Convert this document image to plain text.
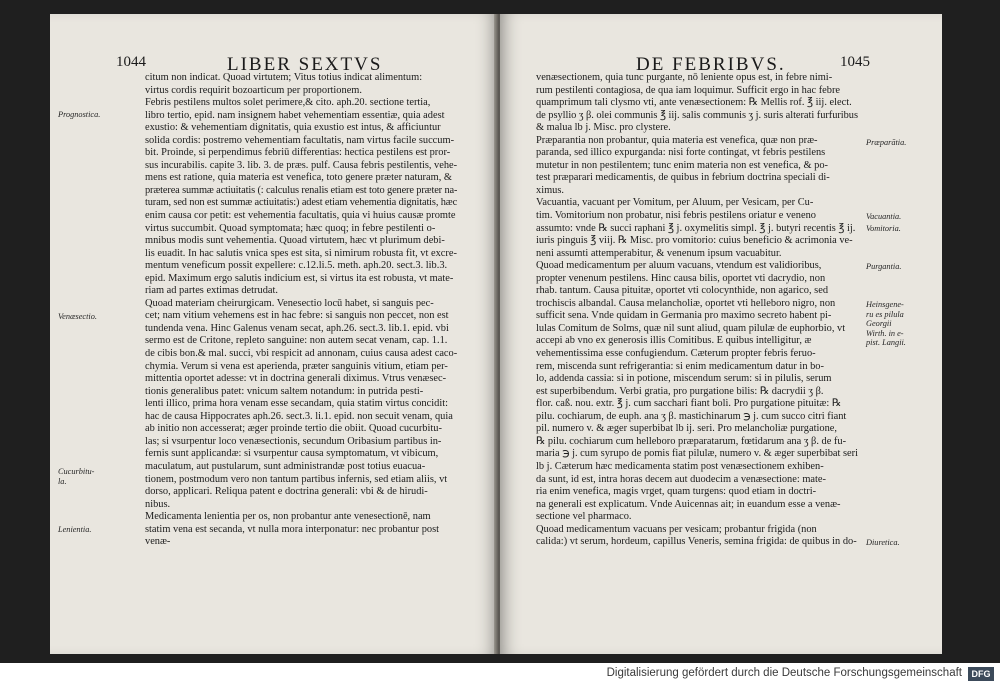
1044	LIBER SEXTVS

citum non indicat. Quoad virtutem; Vitus totius indicat alimentum:

virtus cordis requirit bozoarticum per proportionem.

Febris pestilens multos solet perimere,& cito. aph.20. sectione tertia,

libro tertio, epid. nam insignem habet vehementiam essentiæ, quia adest

exustio: & vehementiam dignitatis, quia exustio est intus, & afficiuntur

solida cordis: postremo vehementiam facultatis, nam virtus facile succum-

bit. Proinde, si perpendimus febriū differentias: hectica pestilens est pror-

sus incurabilis. capite 3. lib. 3. de præs. pulf. Causa febris pestilentis, vehe-

mens est ratione, quia materia est venefica, toto genere præter naturam, &

præterea summæ actiuitatis (: calculus renalis etiam est toto genere præter na-

turam, sed non est summæ actiuitatis:) adest etiam vehementia dignitatis, hæc

enim causa cor petit: est vehementia facultatis, quia vi huius causæ promte

virtus succumbit. Quoad symptomata; hæc quoq; in febre pestilenti o-

mnibus modis sunt vehementia. Quoad virtutem, hæc vt plurimum debi-

lis euadit. In hac salutis vnica spes est sita, si nimirum robusta fit, vt excre-

mentum veneficum possit expellere: c.12.li.5. meth. aph.20. sect.3. lib.3.

epid. Maximum ergo salutis indicium est, si virtus ita est robusta, vt mate-

riam ad partes extimas detrudat.

Quoad materiam cheirurgicam. Venesectio locū habet, si sanguis pec-

cet; nam vitium vehemens est in hac febre: si sanguis non peccet, non est

tundenda vena. Hinc Galenus venam secat, aph.26. sect.3. lib.1. epid. vbi

sermo est de Critone, repleto sanguine: non autem secat venam, cap. 1.1.

de cibis bon.& mal. succi, vbi respicit ad annonam, cuius causa adest caco-

chymia. Verum si vena est aperienda, præter sanguinis vitium, etiam per-

mittentia oportet adesse: vt in doctrina generali diximus. Vtrus venæsec-

tionis generalibus patet: vnicum saltem notandum: in putrida pesti-

lenti illico, prima hora venam esse secandam, quia statim virtus concidit:

hac de causa Hippocrates aph.26. sect.3. li.1. epid. non secuit venam, quia

ab initio non accesserat; æger proinde tertio die obiit. Quoad cucurbitu-

las; si vsurpentur loco venæsectionis, secundum Oribasium partibus in-

fernis sunt applicandæ: si vsurpentur causa symptomatum, vt vibicum,

maculatum, aut pustularum, sunt administrandæ post totius euacua-

tionem, postmodum vero non tantum partibus infernis, sed etiam aliis, vt

dorso, applicari. Reliqua patent e doctrina generali: vbi & de hirudi-

nibus.

Medicamenta lenientia per os, non probantur ante venesectionē, nam

statim vena est secanda, vt nulla mora interponatur: nec probantur post

venæ-

Prognostica.
Venæsectio.
Cucurbitu-
la.
Lenientia.
DE FEBRIBVS.	1045

venæsectionem, quia tunc purgante, nō leniente opus est, in febre nimi-

rum pestilenti contagiosa, de qua iam loquimur. Sufficit ergo in hac febre

quamprimum tali clysmo vti, ante venæsectionem: ℞ Mellis rof. ℥ iij. elect.

de psyllio ʒ β. olei communis ℥ iij. salis communis ʒ j. suris alterati furfuribus

& malua lb j. Misc. pro clystere.

Præparantia non probantur, quia materia est venefica, quæ non præ-

paranda, sed illico expurganda: nisi forte contingat, vt febris pestilens

mutetur in non pestilentem; tunc enim materia non est venefica, & po-

test præparari medicamentis, de quibus in febrium doctrina speciali di-

ximus.

Vacuantia, vacuant per Vomitum, per Aluum, per Vesicam, per Cu-

tim. Vomitorium non probatur, nisi febris pestilens oriatur e veneno

assumto: vnde ℞ succi raphani ℥ j. oxymelitis simpl. ℥ j. butyri recentis ℥ ij.

iuris pinguis ℥ viij. ℞ Misc. pro vomitorio: cuius beneficio & acrimonia ve-

neni assumti attemperabitur, & venenum ipsum vacuabitur.

Quoad medicamentum per aluum vacuans, vtendum est validioribus,

propter venenum pestilens. Hinc causa bilis, oportet vti dacrydio, non

rhab. tantum. Causa pituitæ, oportet vti colocynthide, non agarico, sed

trochiscis albandal. Causa melancholiæ, oportet vti helleboro nigro, non

sufficit sena. Vnde quidam in Germania pro maximo secreto habent pi-

lulas Comitum de Solms, quæ nil sunt aliud, quam pilulæ de euphorbio, vt

accepi ab vno ex generosis illis Comitibus. E quibus intelligitur, æ

vehementissima esse confugiendum. Cæterum propter febris feruo-

rem, miscenda sunt refrigerantia: si enim medicamentum datur in bo-

lo, addenda cassia: si in potione, miscendum serum: si in pilulis, serum

est superbibendum. Verbi gratia, pro purgatione bilis: ℞ dacrydii ʒ β.

flor. caß. nou. extr. ℥ j. cum sacchari fiant boli. Pro purgatione pituitæ: ℞

pilu. cochiarum, de euph. ana ʒ β. mastichinarum ℈ j. cum succo citri fiant

pil. numero v. & æger superbibat lb ij. seri. Pro melancholiæ purgatione,

℞ pilu. cochiarum cum helleboro præparatarum, fœtidarum ana ʒ β. de fu-

maria ℈ j. cum syrupo de pomis fiat pilulæ, numero v. & æger superbibat seri

lb j. Cæterum hæc medicamenta statim post venæsectionem exhiben-

da sunt, id est, intra horas decem aut duodecim a venæsectione: mate-

ria enim venefica, magis vrget, quam turgens: quod etiam in doctri-

na generali est explicatum. Vnde Auicennas ait; in euandum esse a venæ-

sectione vel pharmaco.

Quoad medicamentum vacuans per vesicam; probantur frigida (non

calida:) vt serum, hordeum, capillus Veneris, semina frigida: de quibus in do-

Præparātia.
Vacuantia.
Vomitoria.
Purgantia.
Heinsgene-
ru es pilula
Georgii
Wirth. in e-
pist. Langii.
Diuretica.
Digitalisierung gefördert durch die Deutsche Forschungsgemeinschaft	DFG
